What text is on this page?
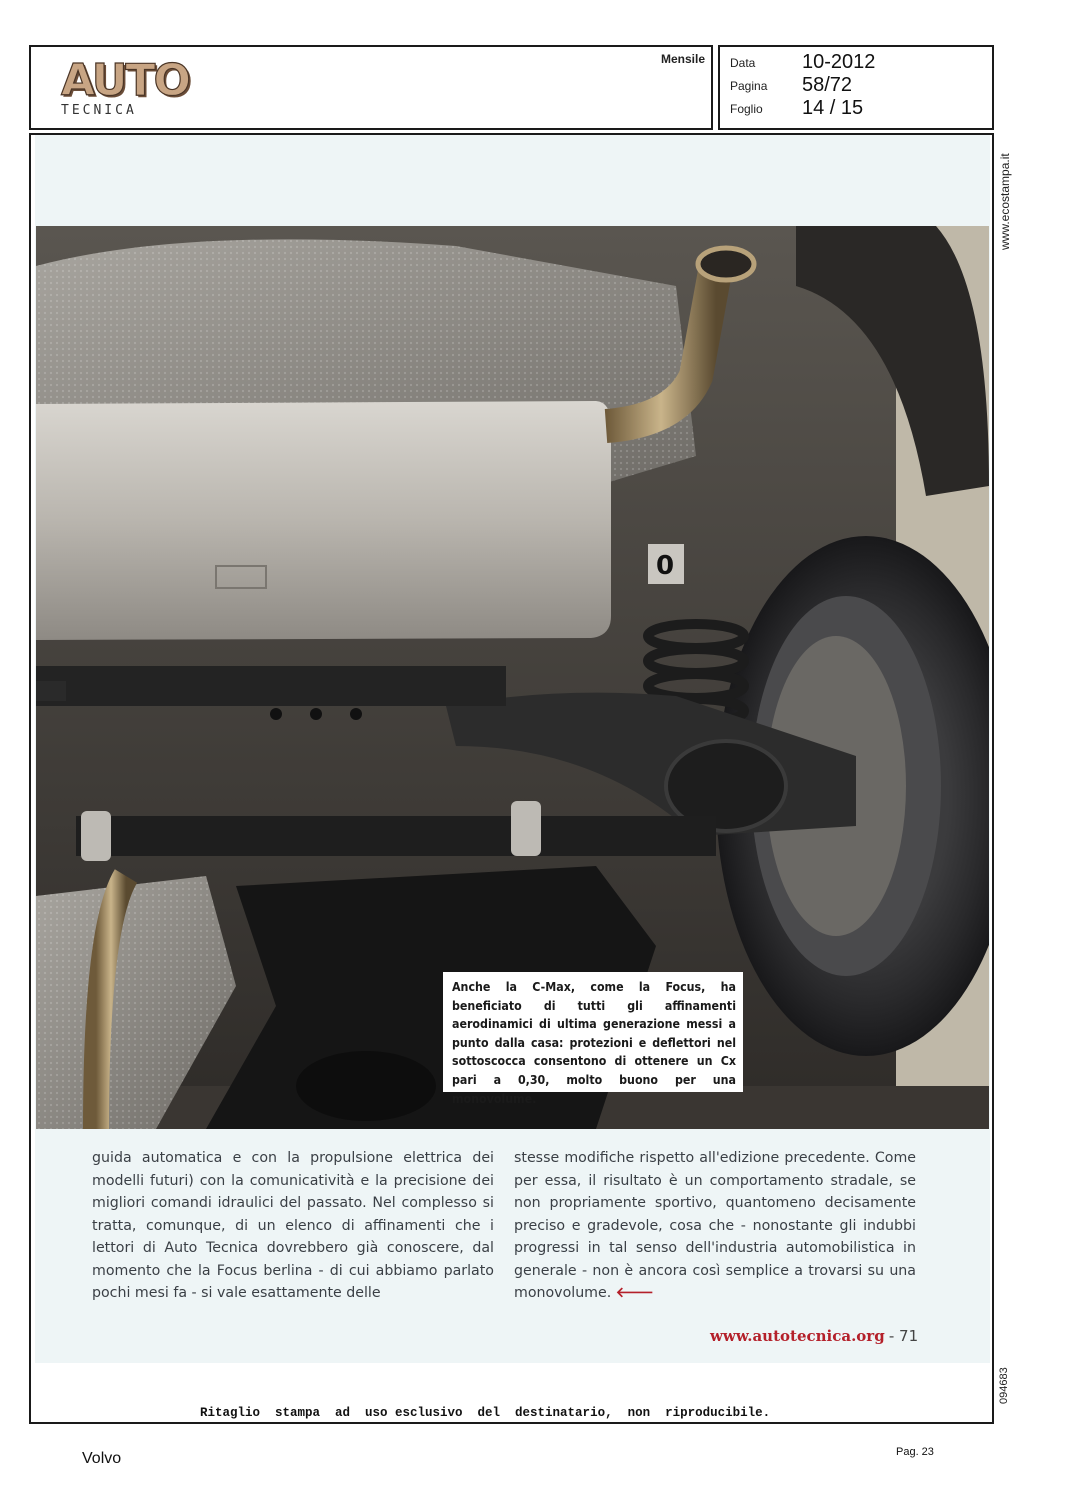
AUTO
TECNICA
Mensile Data	10-2012
Pagina	58/72
Foglio	14 / 15
0
Anche la C-Max, come la Focus, ha beneficiato di tutti gli affinamenti aerodinamici di ultima generazione messi a punto dalla casa: protezioni e deflettori nel sottoscocca consentono di ottenere un Cx pari a 0,30, molto buono per una monovolume.
guida automatica e con la propulsione elettrica dei modelli futuri) con la comunicatività e la precisione dei migliori comandi idraulici del passato. Nel complesso si tratta, comunque, di un elenco di affinamenti che i lettori di Auto Tecnica dovrebbero già conoscere, dal momento che la Focus berlina - di cui abbiamo parlato pochi mesi fa - si vale esattamente delle
stesse modifiche rispetto all'edizione precedente. Come per essa, il risultato è un comportamento stradale, se non propriamente sportivo, quantomeno decisamente preciso e gradevole, cosa che - nonostante gli indubbi progressi in tal senso dell'industria automobilistica in generale - non è ancora così semplice a trovarsi su una monovolume. 🡐
www.autotecnica.org - 71
Ritaglio  stampa  ad  uso esclusivo  del  destinatario,  non  riproducibile.
www.ecostampa.it
094683
Volvo	Pag. 23
